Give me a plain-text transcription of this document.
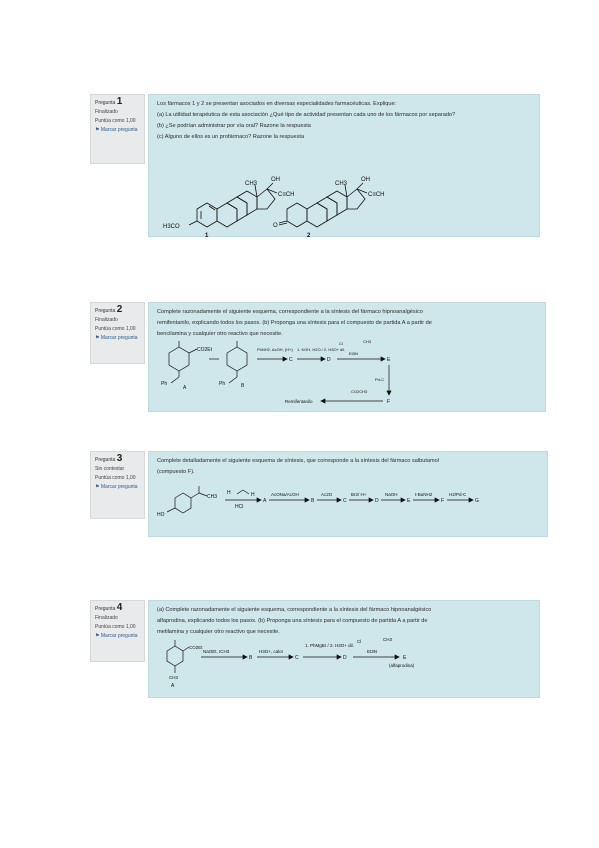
Pregunta 1
Finalizado
Puntúa como 1,00
⚑ Marcar pregunta

Los fármacos 1 y 2 se presentan asociados en diversas especialidades farmacéuticas. Explique:

(a) La utilidad terapéutica de esta asociación ¿Qué tipo de actividad presentan cada uno de los fármacos por separado?

(b) ¿Se podrían administrar por vía oral? Razone la respuesta

(c) Alguno de ellos es un profármaco? Razone la respuesta

CH3
OH
C≡CH
H3CO
1
CH3
OH
C≡CH
O
2
Pregunta 2
Finalizado
Puntúa como 1,00
⚑ Marcar pregunta

Complete razonadamente el siguiente esquema, correspondiente a la síntesis del fármaco hipnoanalgésico

remifentanilo, explicando todos los pasos. (b) Proponga una síntesis para el compuesto de partida A a partir de

bencilamina y cualquier otro reactivo que necesite.

CO2Et
Ph
A
Ph	B
PhNH2, AcOH, (H+)
C
1. KOH, H2O / 2. H3O+ dil.
D
Cl	CH3
Et3N
E
Pd-C
F
CO2CH3
Remifentanilo
Pregunta 3
Sin contestar
Puntúa como 1,00
⚑ Marcar pregunta

Complete detalladamente el siguiente esquema de síntesis, que corresponde a la síntesis del fármaco salbutamol

(compuesto F).

HO
CH3
H	H
HCl
A
AcONa/AcOH
B
Ac2O
C
Br2/ H+
D
NaOH
E
t-BuNH2
F
H2/Pd-C
G
Pregunta 4
Finalizado
Puntúa como 1,00
⚑ Marcar pregunta

(a) Complete razonadamente el siguiente esquema, correspondiente a la síntesis del fármaco hipnoanalgésico

alfaprodina, explicando todos los pasos. (b) Proponga una síntesis para el compuesto de partida A a partir de

metilamina y cualquier otro reactivo que necesite.

CO2Et
CH3
A
NaOEt, ICH3
B
H3O+, calor
C
1. PhMgBr / 2. H3O+ dil.
D
Cl	CH3
Et3N
E
(alfaprodina)
